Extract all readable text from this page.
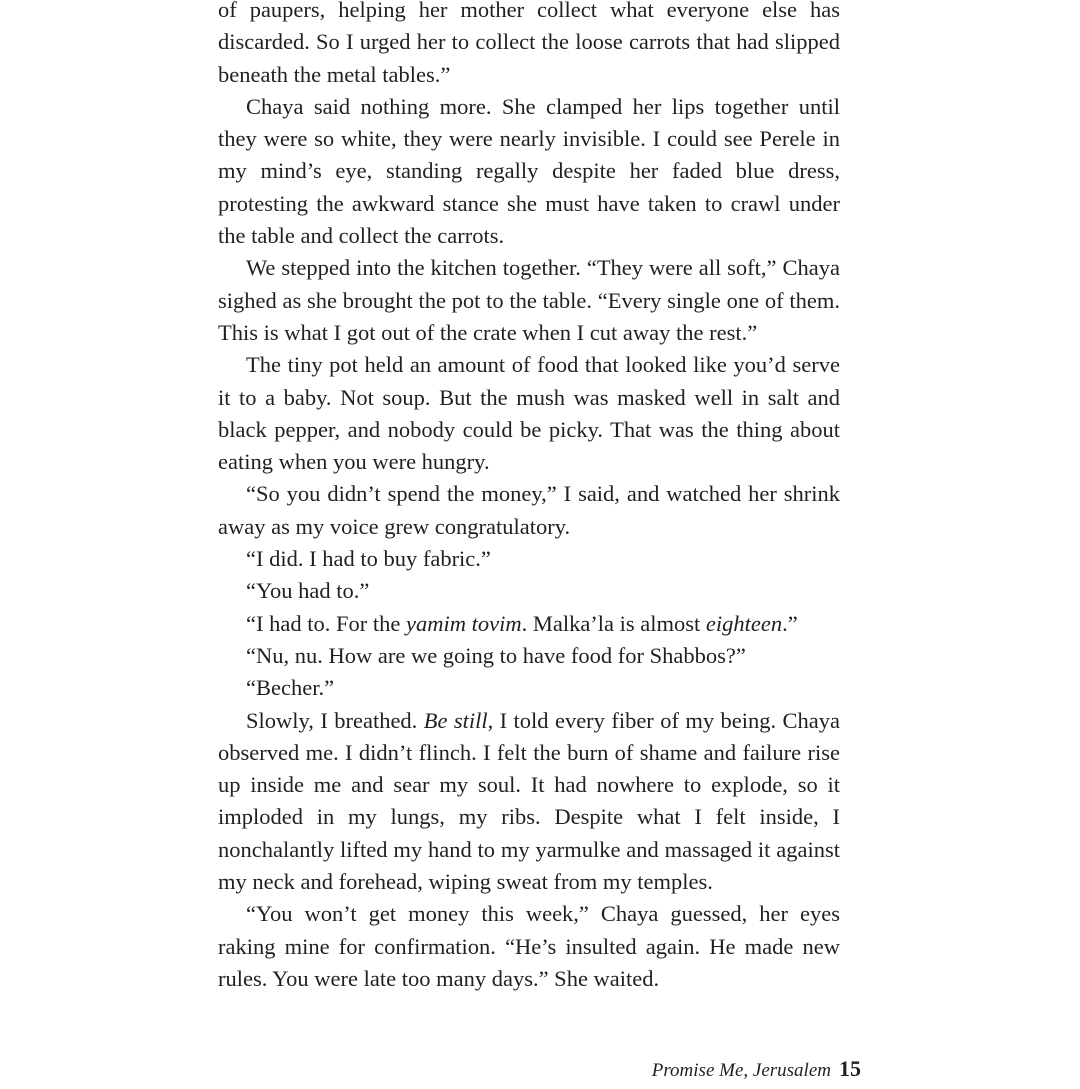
of paupers, helping her mother collect what everyone else has discarded. So I urged her to collect the loose carrots that had slipped beneath the metal tables.”

Chaya said nothing more. She clamped her lips together until they were so white, they were nearly invisible. I could see Perele in my mind’s eye, standing regally despite her faded blue dress, protesting the awkward stance she must have taken to crawl under the table and collect the carrots.

We stepped into the kitchen together. “They were all soft,” Chaya sighed as she brought the pot to the table. “Every single one of them. This is what I got out of the crate when I cut away the rest.”

The tiny pot held an amount of food that looked like you’d serve it to a baby. Not soup. But the mush was masked well in salt and black pepper, and nobody could be picky. That was the thing about eating when you were hungry.

“So you didn’t spend the money,” I said, and watched her shrink away as my voice grew congratulatory.

“I did. I had to buy fabric.”

“You had to.”

“I had to. For the yamim tovim. Malka’la is almost eighteen.”

“Nu, nu. How are we going to have food for Shabbos?”

“Becher.”

Slowly, I breathed. Be still, I told every fiber of my being. Chaya observed me. I didn’t flinch. I felt the burn of shame and failure rise up inside me and sear my soul. It had nowhere to explode, so it imploded in my lungs, my ribs. Despite what I felt inside, I nonchalantly lifted my hand to my yarmulke and massaged it against my neck and forehead, wiping sweat from my temples.

“You won’t get money this week,” Chaya guessed, her eyes raking mine for confirmation. “He’s insulted again. He made new rules. You were late too many days.” She waited.

Promise Me, Jerusalem 15
